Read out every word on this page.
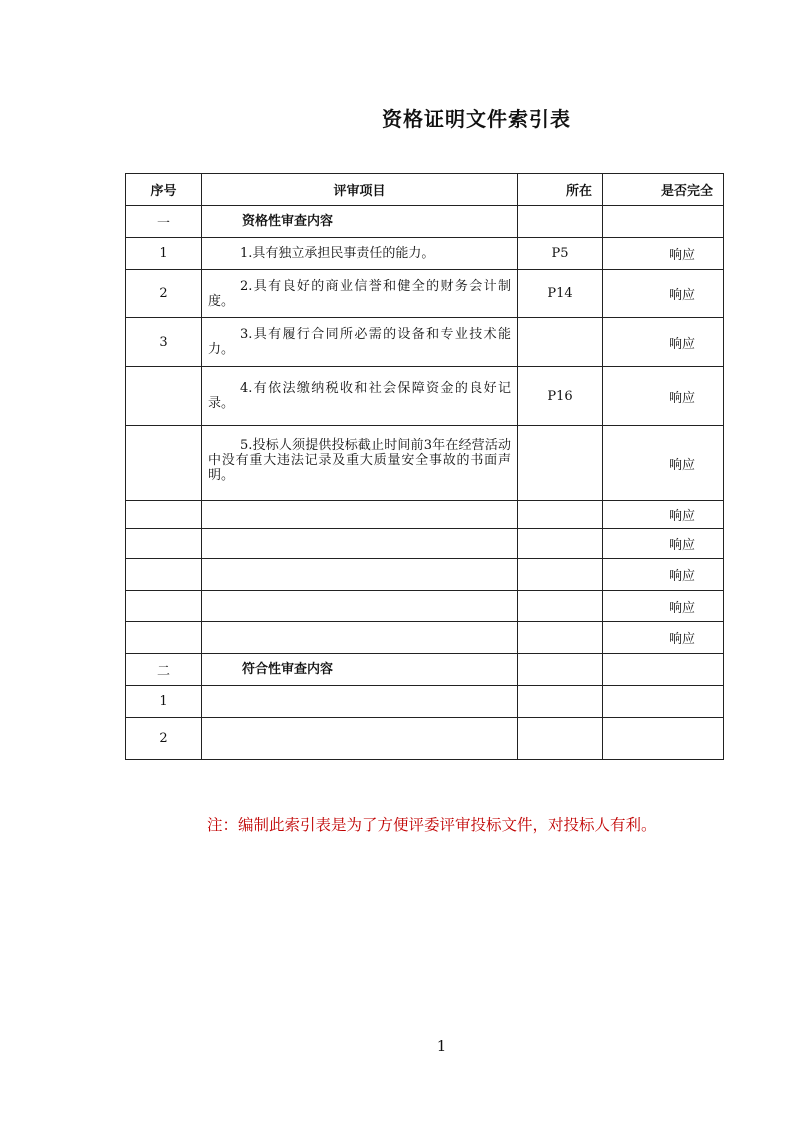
资格证明文件索引表
序号	评审项目	所在	是否完全
一	资格性审查内容		
1	1.具有独立承担民事责任的能力。	P5	响应
2	2.具有良好的商业信誉和健全的财务会计制度。	P14	响应
3	3.具有履行合同所必需的设备和专业技术能力。		响应

	4.有依法缴纳税收和社会保障资金的良好记录。	P16	响应

	5.投标人须提供投标截止时间前3年在经营活动中没有重大违法记录及重大质量安全事故的书面声明。		响应
			响应
			响应
			响应
			响应
			响应
二	符合性审查内容		
1			
2			
注：编制此索引表是为了方便评委评审投标文件，对投标人有利。
1
